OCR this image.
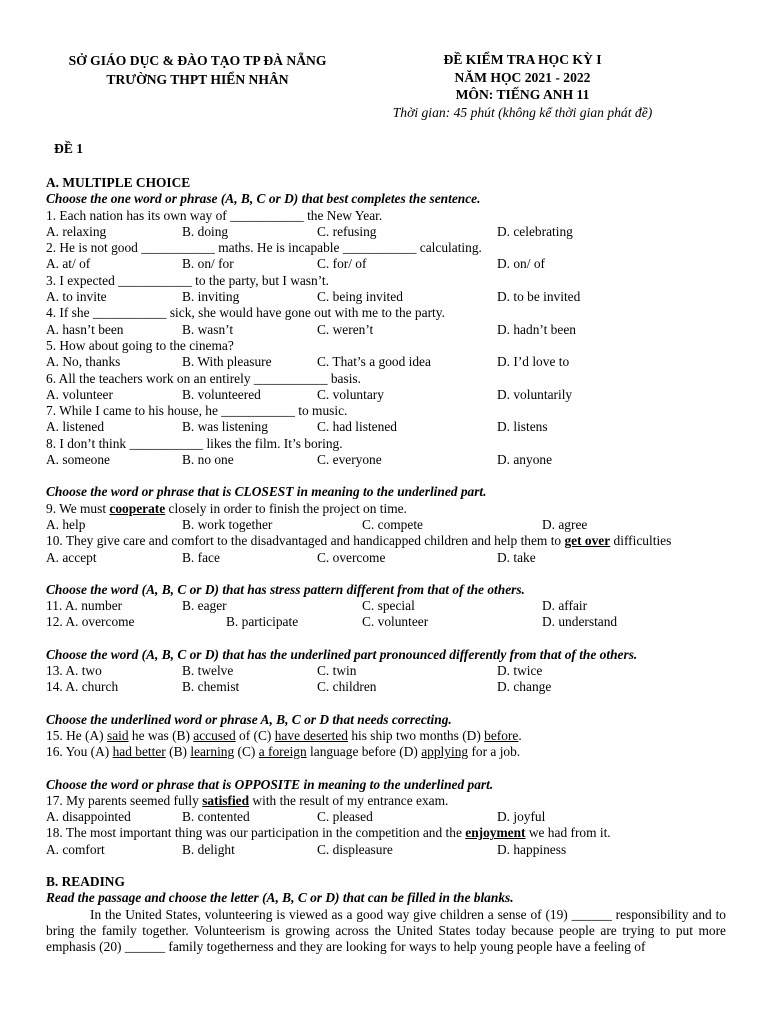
SỞ GIÁO DỤC & ĐÀO TẠO TP ĐÀ NẴNG
TRƯỜNG THPT HIỂN NHÂN
ĐỀ KIỂM TRA HỌC KỲ I
NĂM HỌC 2021 - 2022
MÔN: TIẾNG ANH 11
Thời gian: 45 phút (không kể thời gian phát đề)
ĐỀ 1
A. MULTIPLE CHOICE
Choose the one word or phrase (A, B, C or D) that best completes the sentence.
1. Each nation has its own way of ___________ the New Year.
A. relaxing	B. doing	C. refusing	D. celebrating
2. He is not good ___________ maths. He is incapable ___________ calculating.
A. at/ of	B. on/ for	C. for/ of	D. on/ of
3. I expected ___________ to the party, but I wasn’t.
A. to invite	B. inviting	C. being invited	D. to be invited
4. If she ___________ sick, she would have gone out with me to the party.
A. hasn’t been	B. wasn’t	C. weren’t	D. hadn’t been
5. How about going to the cinema?
A. No, thanks	B. With pleasure	C. That’s a good idea	D. I’d love to
6. All the teachers work on an entirely ___________ basis.
A. volunteer	B. volunteered	C. voluntary	D. voluntarily
7. While I came to his house, he ___________ to music.
A. listened	B. was listening	C. had listened	D. listens
8. I don’t think ___________ likes the film. It’s boring.
A. someone	B. no one	C. everyone	D. anyone
Choose the word or phrase that is CLOSEST in meaning to the underlined part.
9. We must cooperate closely in order to finish the project on time.
A. help	B. work together	C. compete	D. agree
10. They give care and comfort to the disadvantaged and handicapped children and help them to get over difficulties
A. accept	B. face	C. overcome	D. take
Choose the word (A, B, C or D) that has stress pattern different from that of the others.
11. A. number	B. eager	C. special	D. affair
12. A. overcome	B. participate	C. volunteer	D. understand
Choose the word (A, B, C or D) that has the underlined part pronounced differently from that of the others.
13. A. two	B. twelve	C. twin	D. twice
14. A. church	B. chemist	C. children	D. change
Choose the underlined word or phrase A, B, C or D that needs correcting.
15. He (A) said he was (B) accused of (C) have deserted his ship two months (D) before.
16. You (A) had better (B) learning (C) a foreign language before (D) applying for a job.
Choose the word or phrase that is OPPOSITE in meaning to the underlined part.
17. My parents seemed fully satisfied with the result of my entrance exam.
A. disappointed	B. contented	C. pleased	D. joyful
18. The most important thing was our participation in the competition and the enjoyment we had from it.
A. comfort	B. delight	C. displeasure	D. happiness
B. READING
Read the passage and choose the letter (A, B, C or D) that can be filled in the blanks.
In the United States, volunteering is viewed as a good way give children a sense of (19) ______ responsibility and to bring the family together. Volunteerism is growing across the United States today because people are trying to put more emphasis (20) ______ family togetherness and they are looking for ways to help young people have a feeling of
